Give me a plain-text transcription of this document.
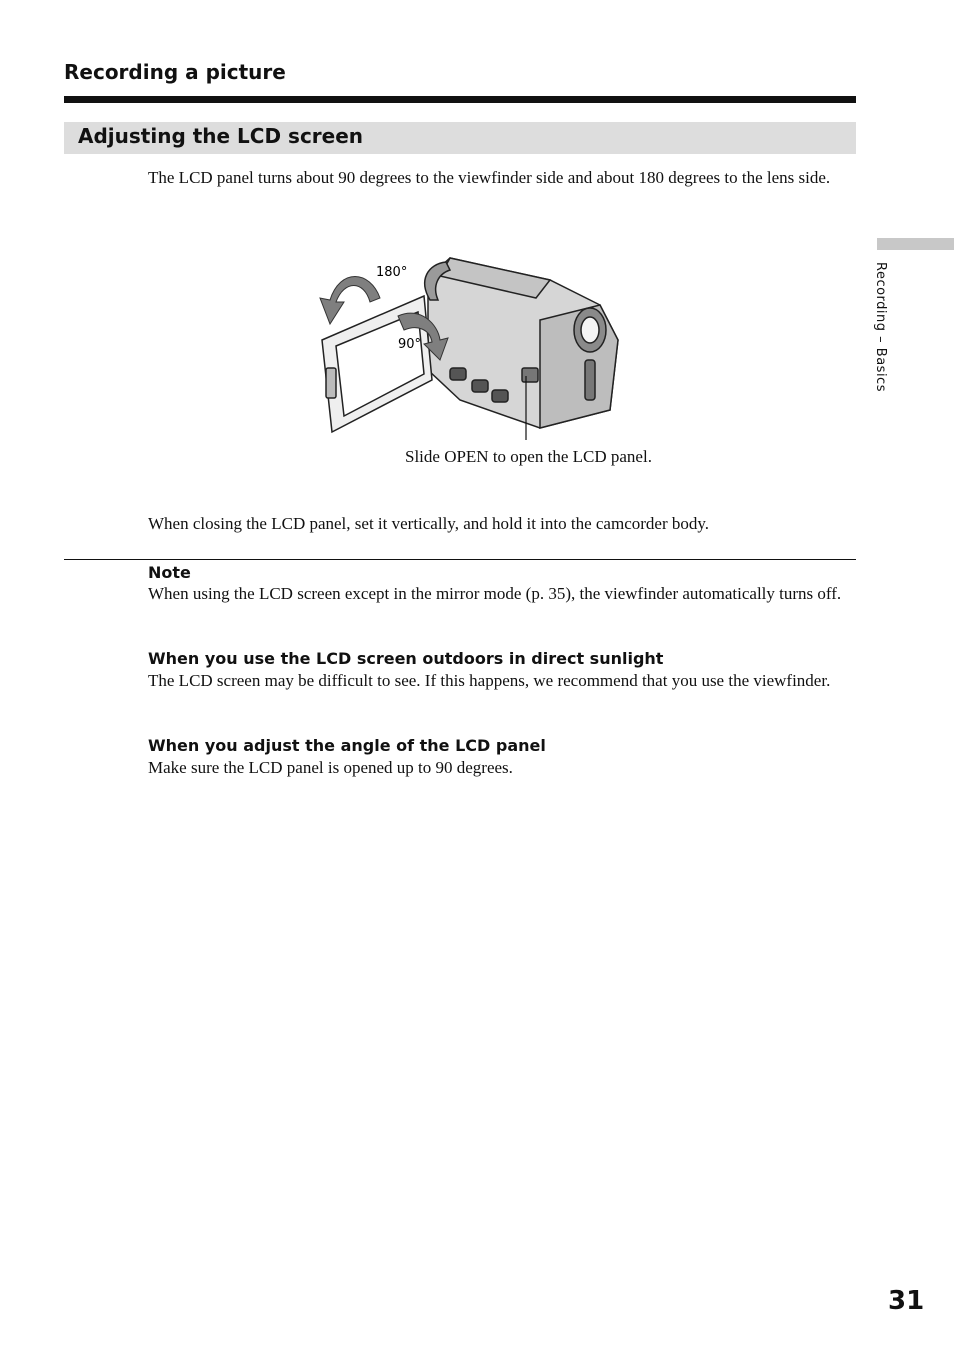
Recording a picture
Adjusting the LCD screen

The LCD panel turns about 90 degrees to the viewfinder side and about 180 degrees to the lens side.

180°
90°

Slide OPEN to open the LCD panel.

When closing the LCD panel, set it vertically, and hold it into the camcorder body.

Note

When using the LCD screen except in the mirror mode (p. 35), the viewfinder automatically turns off.

When you use the LCD screen outdoors in direct sunlight

The LCD screen may be difficult to see. If this happens, we recommend that you use the viewfinder.

When you adjust the angle of the LCD panel

Make sure the LCD panel is opened up to 90 degrees.

Recording – Basics
31
